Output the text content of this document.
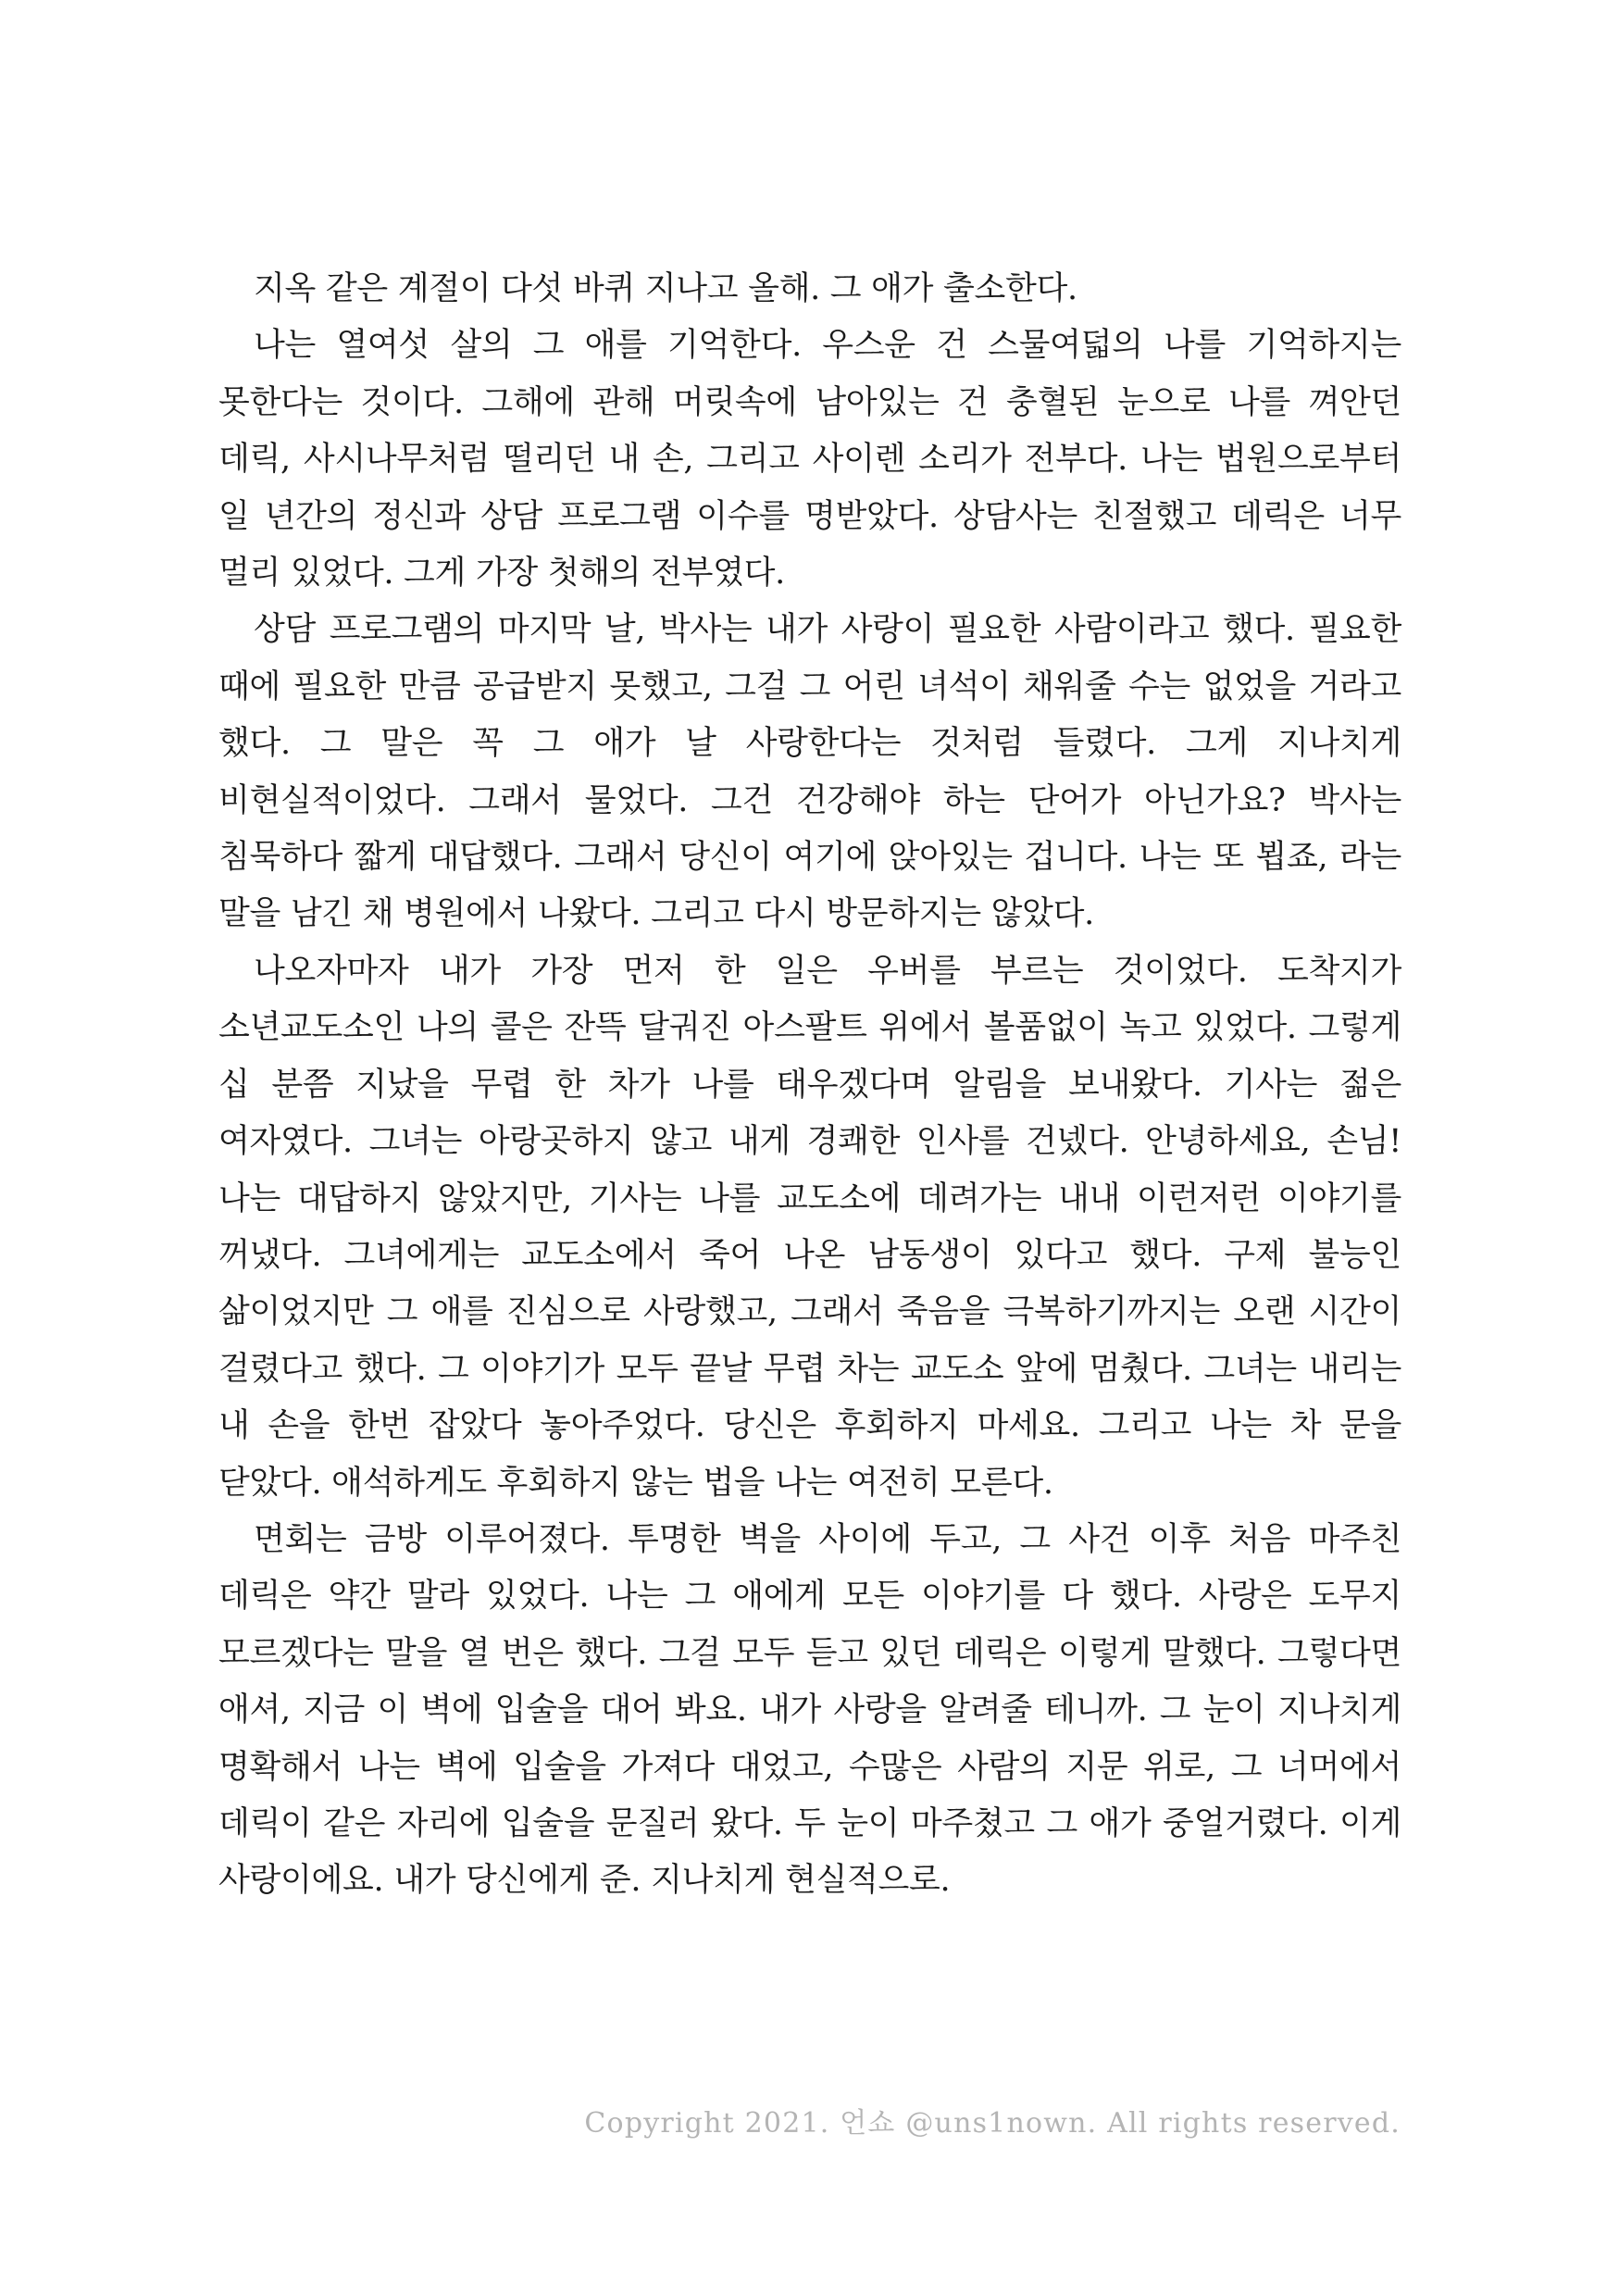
지옥 같은 계절이 다섯 바퀴 지나고 올해. 그 애가 출소한다.

나는 열여섯 살의 그 애를 기억한다. 우스운 건 스물여덟의 나를 기억하지는 못한다는 것이다. 그해에 관해 머릿속에 남아있는 건 충혈된 눈으로 나를 껴안던 데릭, 사시나무처럼 떨리던 내 손, 그리고 사이렌 소리가 전부다. 나는 법원으로부터 일 년간의 정신과 상담 프로그램 이수를 명받았다. 상담사는 친절했고 데릭은 너무 멀리 있었다. 그게 가장 첫해의 전부였다.

상담 프로그램의 마지막 날, 박사는 내가 사랑이 필요한 사람이라고 했다. 필요한 때에 필요한 만큼 공급받지 못했고, 그걸 그 어린 녀석이 채워줄 수는 없었을 거라고 했다. 그 말은 꼭 그 애가 날 사랑한다는 것처럼 들렸다. 그게 지나치게 비현실적이었다. 그래서 물었다. 그건 건강해야 하는 단어가 아닌가요? 박사는 침묵하다 짧게 대답했다. 그래서 당신이 여기에 앉아있는 겁니다. 나는 또 뵙죠, 라는 말을 남긴 채 병원에서 나왔다. 그리고 다시 방문하지는 않았다.

나오자마자 내가 가장 먼저 한 일은 우버를 부르는 것이었다. 도착지가 소년교도소인 나의 콜은 잔뜩 달궈진 아스팔트 위에서 볼품없이 녹고 있었다. 그렇게 십 분쯤 지났을 무렵 한 차가 나를 태우겠다며 알림을 보내왔다. 기사는 젊은 여자였다. 그녀는 아랑곳하지 않고 내게 경쾌한 인사를 건넸다. 안녕하세요, 손님! 나는 대답하지 않았지만, 기사는 나를 교도소에 데려가는 내내 이런저런 이야기를 꺼냈다. 그녀에게는 교도소에서 죽어 나온 남동생이 있다고 했다. 구제 불능인 삶이었지만 그 애를 진심으로 사랑했고, 그래서 죽음을 극복하기까지는 오랜 시간이 걸렸다고 했다. 그 이야기가 모두 끝날 무렵 차는 교도소 앞에 멈췄다. 그녀는 내리는 내 손을 한번 잡았다 놓아주었다. 당신은 후회하지 마세요. 그리고 나는 차 문을 닫았다. 애석하게도 후회하지 않는 법을 나는 여전히 모른다.

면회는 금방 이루어졌다. 투명한 벽을 사이에 두고, 그 사건 이후 처음 마주친 데릭은 약간 말라 있었다. 나는 그 애에게 모든 이야기를 다 했다. 사랑은 도무지 모르겠다는 말을 열 번은 했다. 그걸 모두 듣고 있던 데릭은 이렇게 말했다. 그렇다면 애셔, 지금 이 벽에 입술을 대어 봐요. 내가 사랑을 알려줄 테니까. 그 눈이 지나치게 명확해서 나는 벽에 입술을 가져다 대었고, 수많은 사람의 지문 위로, 그 너머에서 데릭이 같은 자리에 입술을 문질러 왔다. 두 눈이 마주쳤고 그 애가 중얼거렸다. 이게 사랑이에요. 내가 당신에게 준. 지나치게 현실적으로.

Copyright 2021. 언쇼 @uns1nown. All rights reserved.
